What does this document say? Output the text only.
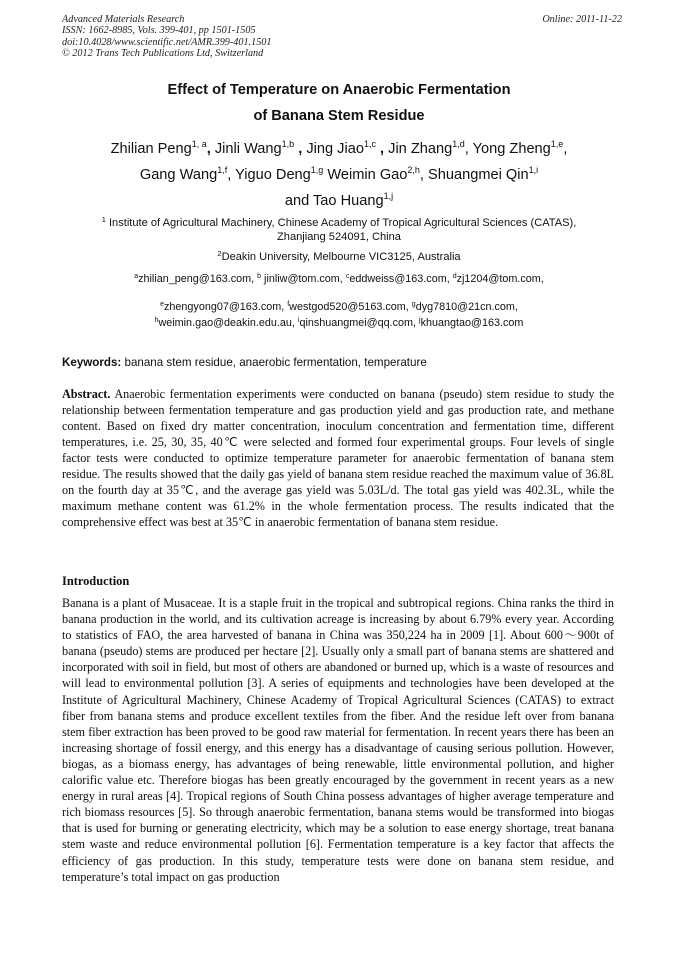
Advanced Materials Research
ISSN: 1662-8985, Vols. 399-401, pp 1501-1505
doi:10.4028/www.scientific.net/AMR.399-401.1501
© 2012 Trans Tech Publications Ltd, Switzerland
Online: 2011-11-22
Effect of Temperature on Anaerobic Fermentation
of Banana Stem Residue
Zhilian Peng$^{1, a}$, Jinli Wang$^{1,b}$ , Jing Jiao$^{1,c}$ , Jin Zhang$^{1,d}$, Yong Zheng$^{1,e}$,
Gang Wang$^{1,f}$, Yiguo Deng$^{1,g}$ Weimin Gao$^{2,h}$, Shuangmei Qin$^{1,i}$
and Tao Huang$^{1,j}$
$^1$ Institute of Agricultural Machinery, Chinese Academy of Tropical Agricultural Sciences (CATAS),
Zhanjiang 524091, China
$^2$Deakin University, Melbourne VIC3125, Australia
$^a$zhilian_peng@163.com, $^b$ jinliw@tom.com, $^c$eddweiss@163.com, $^d$zj1204@tom.com,
$^e$zhengyong07@163.com, $^f$westgod520@5163.com, $^g$dyg7810@21cn.com,
$^h$weimin.gao@deakin.edu.au, $^i$qinshuangmei@qq.com, $^j$khuangtao@163.com
Keywords: banana stem residue, anaerobic fermentation, temperature
Abstract. Anaerobic fermentation experiments were conducted on banana (pseudo) stem residue to study the relationship between fermentation temperature and gas production yield and gas production rate, and methane content. Based on fixed dry matter concentration, inoculum concentration and fermentation time, different temperatures, i.e. 25, 30, 35, 40℃ were selected and formed four experimental groups. Four levels of single factor tests were conducted to optimize temperature parameter for anaerobic fermentation of banana stem residue. The results showed that the daily gas yield of banana stem residue reached the maximum value of 36.8L on the fourth day at 35℃, and the average gas yield was 5.03L/d. The total gas yield was 402.3L, while the maximum methane content was 61.2% in the whole fermentation process. The results indicated that the comprehensive effect was best at 35℃ in anaerobic fermentation of banana stem residue.
Introduction
Banana is a plant of Musaceae. It is a staple fruit in the tropical and subtropical regions. China ranks the third in banana production in the world, and its cultivation acreage is increasing by about 6.79% every year. According to statistics of FAO, the area harvested of banana in China was 350,224 ha in 2009 [1]. About 600～900t of banana (pseudo) stems are produced per hectare [2]. Usually only a small part of banana stems are shattered and incorporated with soil in field, but most of others are abandoned or burned up, which is a waste of resources and will lead to environmental pollution [3]. A series of equipments and technologies have been developed at the Institute of Agricultural Machinery, Chinese Academy of Tropical Agricultural Sciences (CATAS) to extract fiber from banana stems and produce excellent textiles from the fiber. And the residue left over from banana stem fiber extraction has been proved to be good raw material for fermentation. In recent years there has been an increasing shortage of fossil energy, and this energy has a disadvantage of causing serious pollution. However, biogas, as a biomass energy, has advantages of being renewable, little environmental pollution, and higher calorific value etc. Therefore biogas has been greatly encouraged by the government in recent years as a new energy in rural areas [4]. Tropical regions of South China possess advantages of higher average temperature and rich biomass resources [5]. So through anaerobic fermentation, banana stems would be transformed into biogas that is used for burning or generating electricity, which may be a solution to ease energy shortage, treat banana stem waste and reduce environmental pollution [6]. Fermentation temperature is a key factor that affects the efficiency of gas production. In this study, temperature tests were done on banana stem residue, and temperature’s total impact on gas production
